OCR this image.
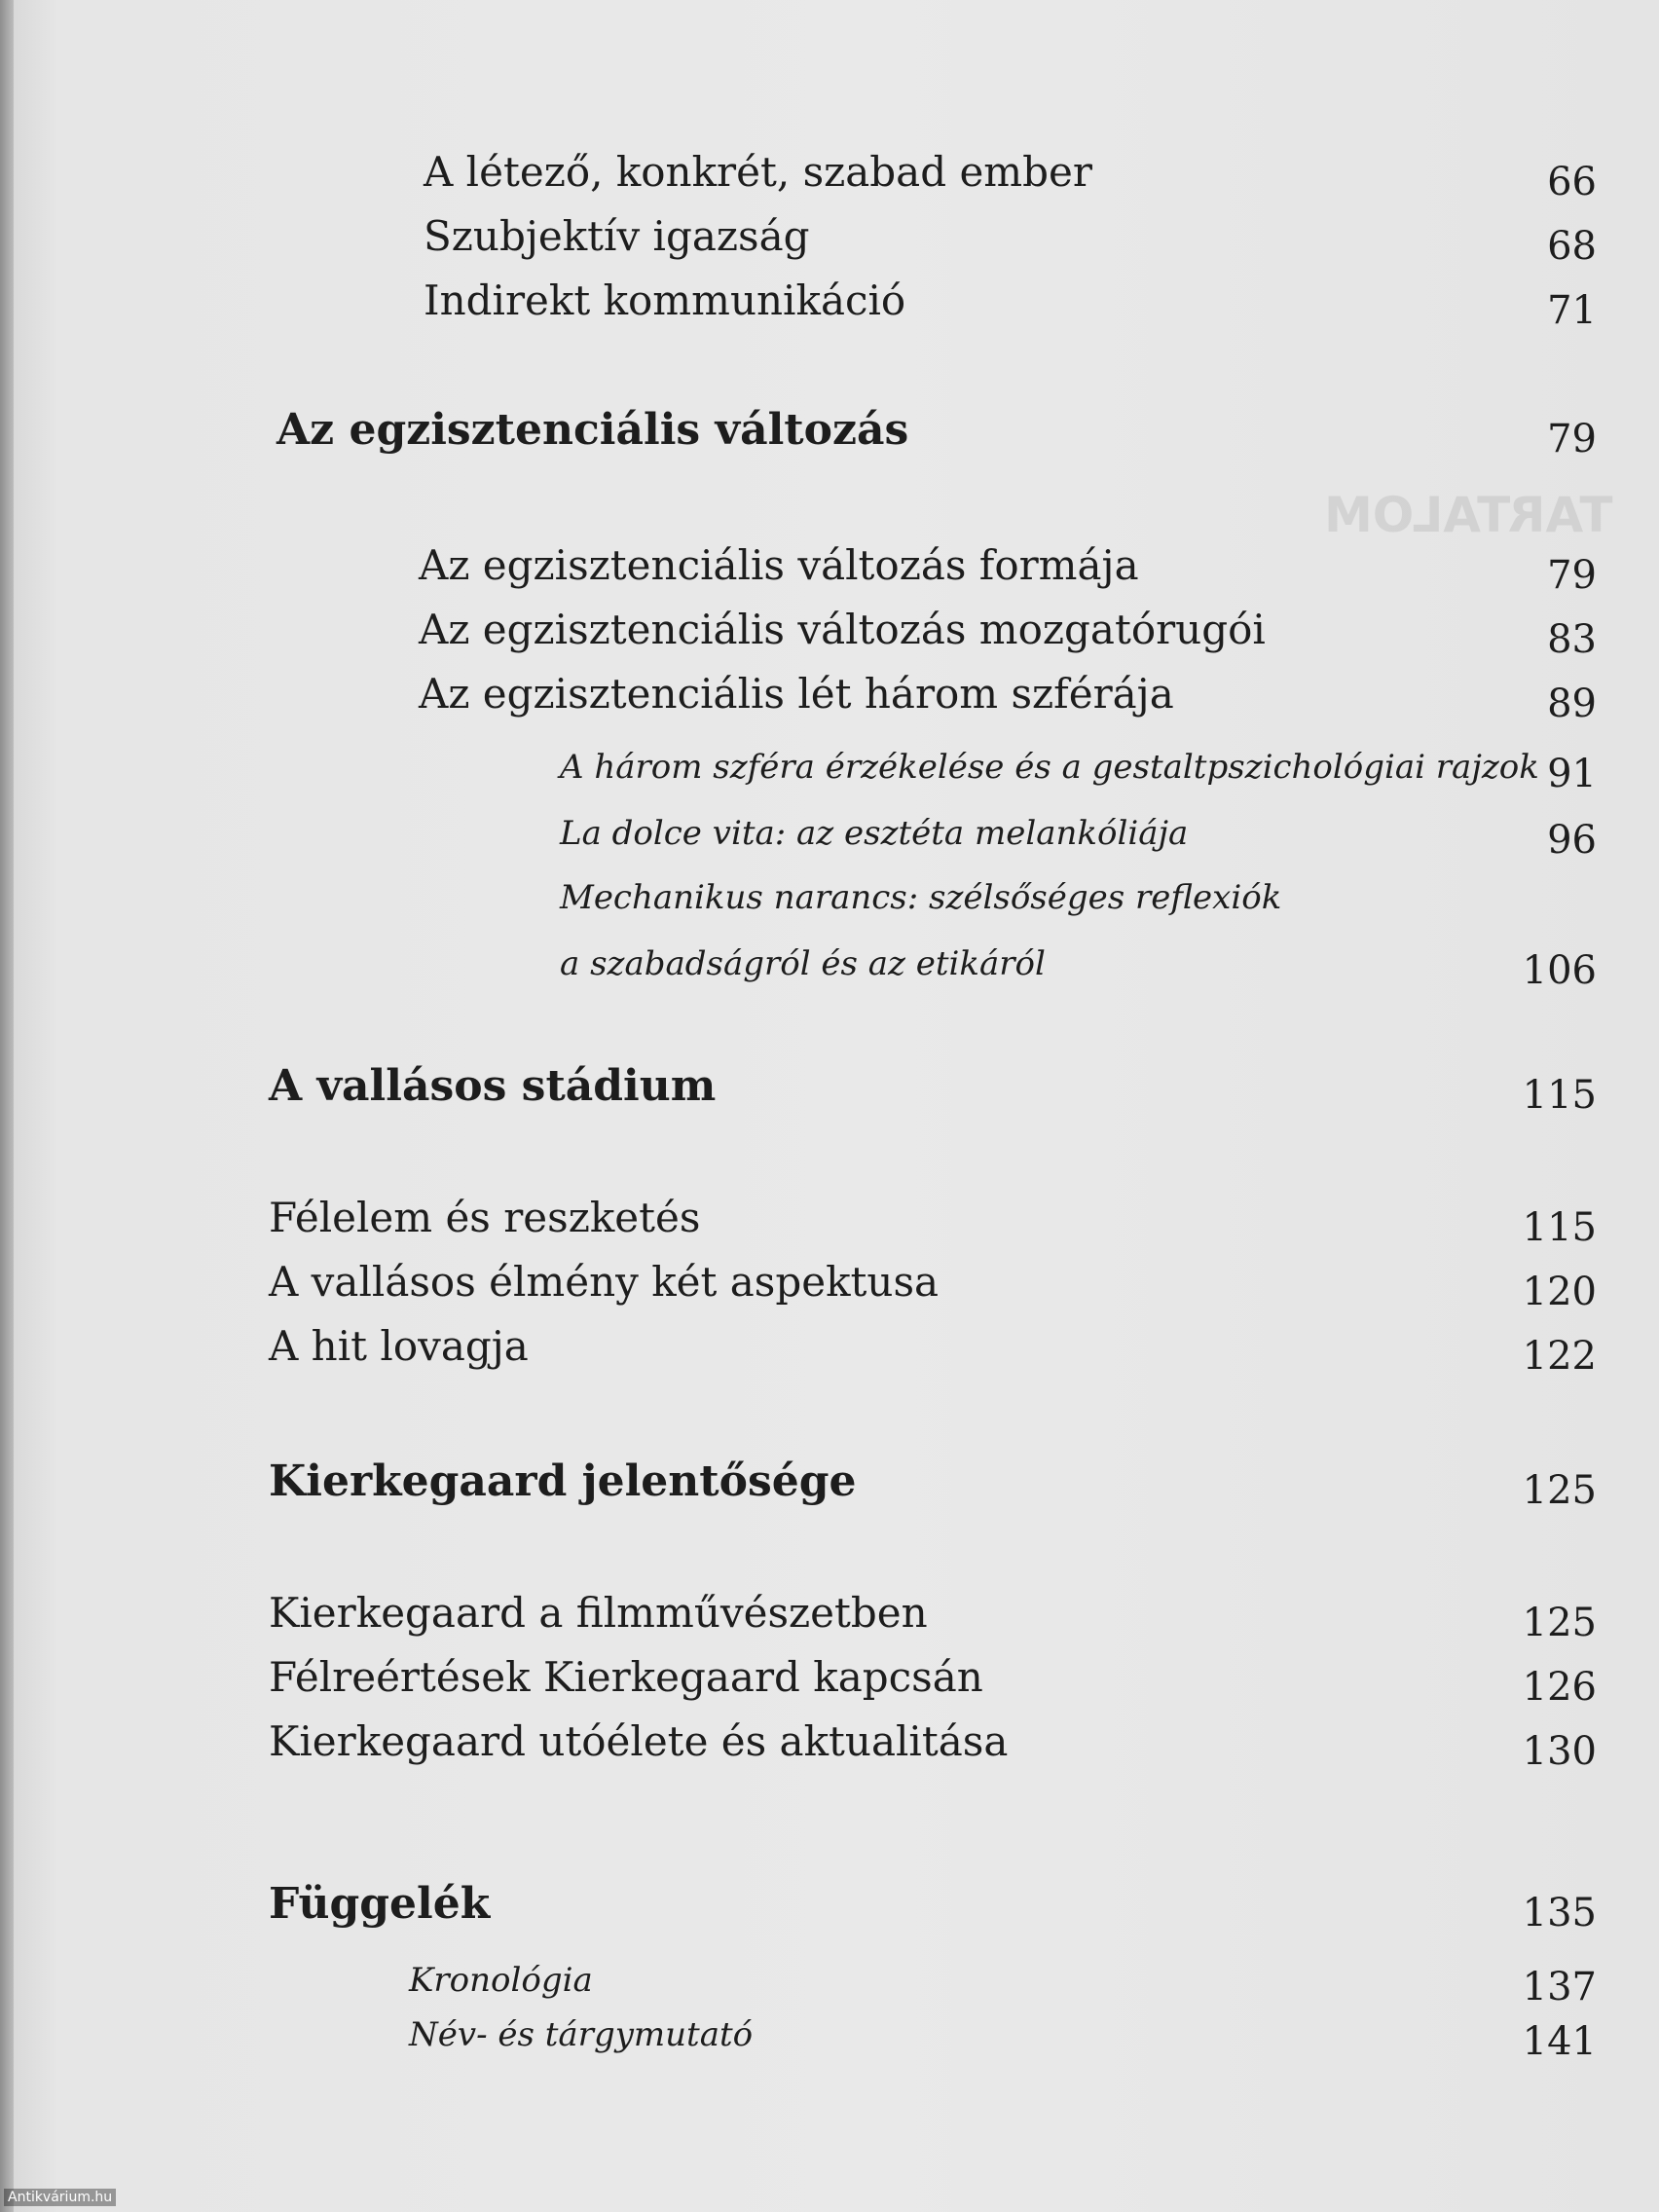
TARTALOM
A létező, konkrét, szabad ember	66
Szubjektív igazság	68
Indirekt kommunikáció	71
Az egzisztenciális változás	79
Az egzisztenciális változás formája	79
Az egzisztenciális változás mozgatórugói	83
Az egzisztenciális lét három szférája	89
A három szféra érzékelése és a gestaltpszichológiai rajzok 91
La dolce vita: az esztéta melankóliája	96
Mechanikus narancs: szélsőséges reflexiók
a szabadságról és az etikáról	106
A vallásos stádium	115
Félelem és reszketés	115
A vallásos élmény két aspektusa	120
A hit lovagja	122
Kierkegaard jelentősége	125
Kierkegaard a filmművészetben	125
Félreértések Kierkegaard kapcsán	126
Kierkegaard utóélete és aktualitása	130
Függelék	135
Kronológia	137
Név- és tárgymutató	141
Antikvárium.hu
